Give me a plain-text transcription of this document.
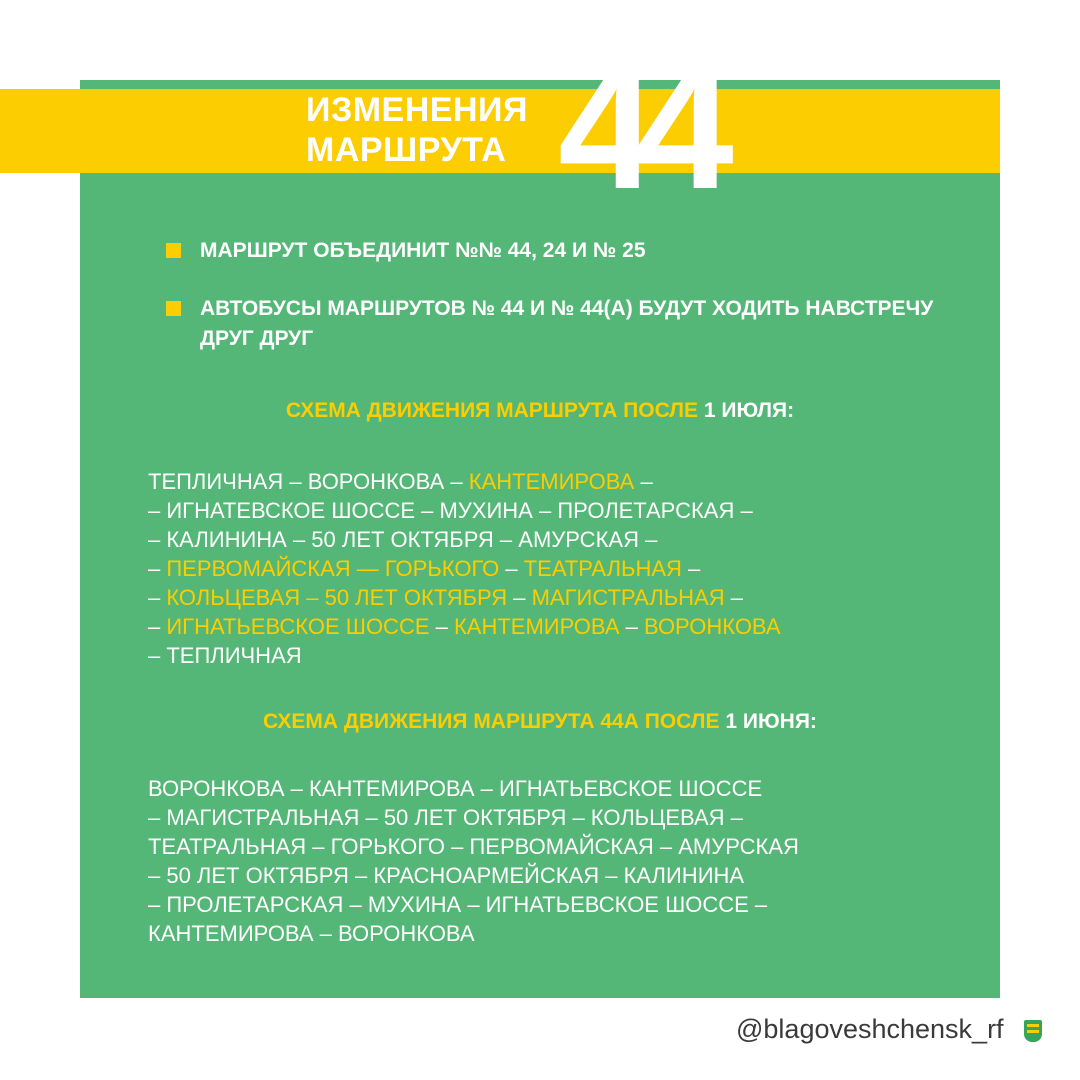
ИЗМЕНЕНИЯ
МАРШРУТА 44
МАРШРУТ ОБЪЕДИНИТ №№ 44, 24 И № 25
АВТОБУСЫ МАРШРУТОВ № 44 И № 44(А) БУДУТ ХОДИТЬ НАВСТРЕЧУ ДРУГ ДРУГ
СХЕМА ДВИЖЕНИЯ МАРШРУТА ПОСЛЕ 1 ИЮЛЯ:
ТЕПЛИЧНАЯ – ВОРОНКОВА – КАНТЕМИРОВА –
– ИГНАТЕВСКОЕ ШОССЕ – МУХИНА – ПРОЛЕТАРСКАЯ –
– КАЛИНИНА – 50 ЛЕТ ОКТЯБРЯ – АМУРСКАЯ –
– ПЕРВОМАЙСКАЯ — ГОРЬКОГО – ТЕАТРАЛЬНАЯ –
– КОЛЬЦЕВАЯ – 50 ЛЕТ ОКТЯБРЯ – МАГИСТРАЛЬНАЯ –
– ИГНАТЬЕВСКОЕ ШОССЕ – КАНТЕМИРОВА – ВОРОНКОВА
– ТЕПЛИЧНАЯ
СХЕМА ДВИЖЕНИЯ МАРШРУТА 44А ПОСЛЕ 1 ИЮНЯ:
ВОРОНКОВА – КАНТЕМИРОВА – ИГНАТЬЕВСКОЕ ШОССЕ
– МАГИСТРАЛЬНАЯ – 50 ЛЕТ ОКТЯБРЯ – КОЛЬЦЕВАЯ –
ТЕАТРАЛЬНАЯ – ГОРЬКОГО – ПЕРВОМАЙСКАЯ – АМУРСКАЯ
– 50 ЛЕТ ОКТЯБРЯ – КРАСНОАРМЕЙСКАЯ – КАЛИНИНА
– ПРОЛЕТАРСКАЯ – МУХИНА – ИГНАТЬЕВСКОЕ ШОССЕ –
КАНТЕМИРОВА – ВОРОНКОВА
@blagoveshchensk_rf
